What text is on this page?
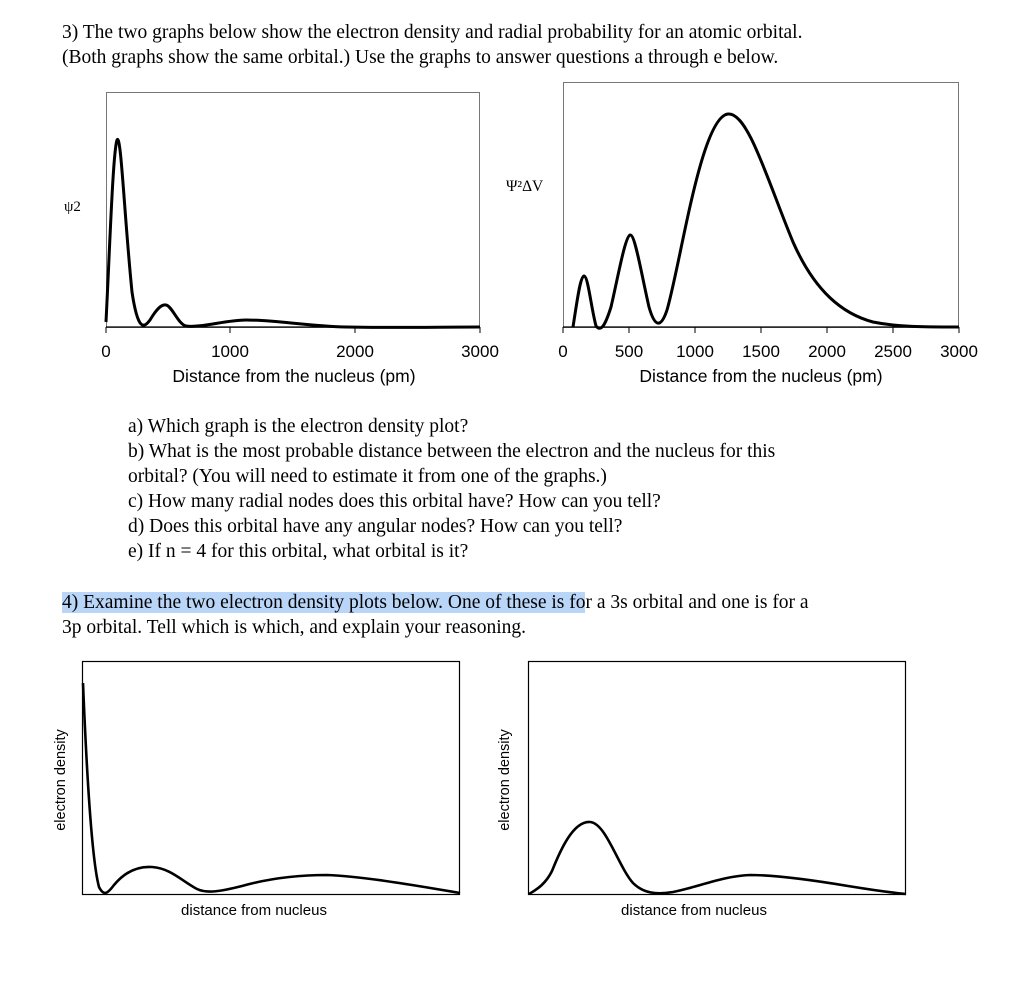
3) The two graphs below show the electron density and radial probability for an atomic orbital.

(Both graphs show the same orbital.) Use the graphs to answer questions a through e below.

ψ2
0	1000	2000	3000
Distance from the nucleus (pm)
Ψ²ΔV
0	500 1000 1500 2000 2500 3000
Distance from the nucleus (pm)

a) Which graph is the electron density plot?

b) What is the most probable distance between the electron and the nucleus for this

orbital? (You will need to estimate it from one of the graphs.)

c) How many radial nodes does this orbital have? How can you tell?

d) Does this orbital have any angular nodes? How can you tell?

e) If n = 4 for this orbital, what orbital is it?

4) Examine the two electron density plots below. One of these is for a 3s orbital and one is for a
3p orbital. Tell which is which, and explain your reasoning.
electron density
distance from nucleus
electron density
distance from nucleus
